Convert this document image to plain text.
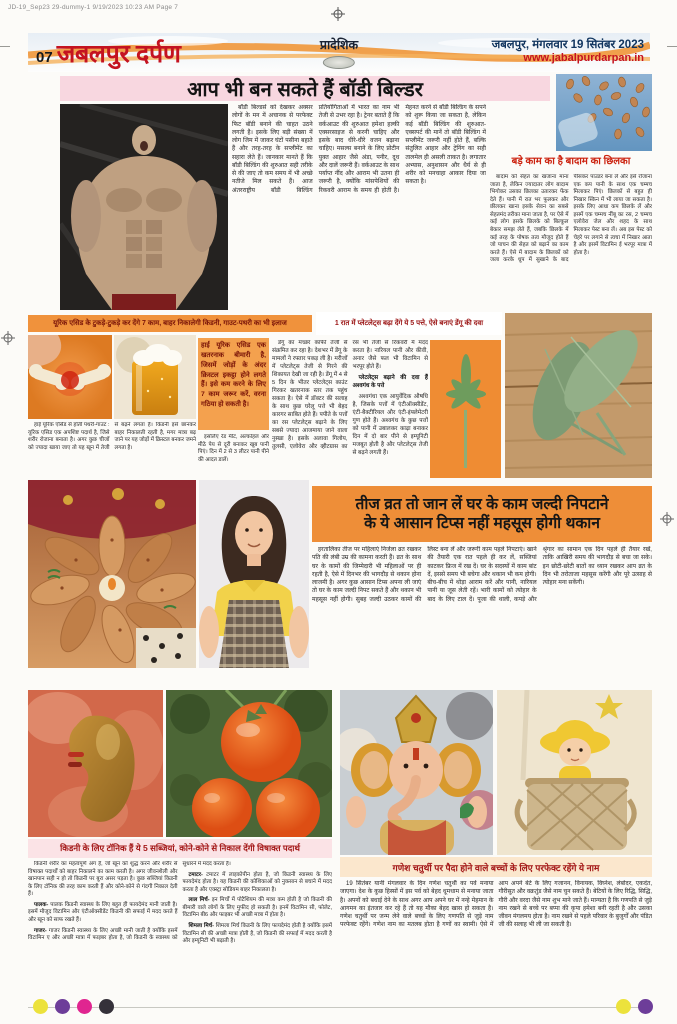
JD-19_Sep23 29-dummy-1 9/19/2023 10:23 AM Page 7
07 जबलपुर दर्पण	प्रादेशिक	जबलपुर, मंगलवार 19 सितंबर 2023
www.jabalpurdarpan.in
आप भी बन सकते हैं बॉडी बिल्डर

बॉडी बिल्डर्स को देखकर अक्सर लोगों के मन में अचानक से परफेक्ट फिट बॉडी बनाने की चाहत उठने लगती है। इसके लिए बड़ी संख्या में लोग जिम में जाकर घंटों पसीना बहाते हैं और तरह-तरह के सप्लीमेंट का सहारा लेते हैं। जानकार मानते हैं कि बॉडी बिल्डिंग की शुरुआत सही तरीके से की जाए तो कम समय में भी अच्छे नतीजे मिल सकते हैं। आज अंतरराष्ट्रीय बॉडी बिल्डिंग प्रतियोगिताओं में भारत का नाम भी तेजी से उभर रहा है। ट्रेनर बताते हैं कि वर्कआउट की शुरुआत हमेशा हल्की एक्सरसाइज से करनी चाहिए और इसके बाद धीरे-धीरे वजन बढ़ाना चाहिए। मसल्स बनाने के लिए प्रोटीन युक्त आहार जैसे अंडा, पनीर, दूध और दालें जरूरी हैं। वर्कआउट के साथ पर्याप्त नींद और आराम भी उतना ही जरूरी है, क्योंकि मांसपेशियों की रिकवरी आराम के समय ही होती है। मेहनत करने से बॉडी बिल्डिंग के सपने को शुरू किया जा सकता है, लेकिन कई बॉडी बिल्डिंग की शुरुआत-एक्सपर्ट की मानें तो बॉडी बिल्डिंग में सप्लीमेंट जरूरी नहीं होते हैं, बल्कि संतुलित आहार और ट्रेनिंग का सही तालमेल ही असली ताकत है। लगातार अभ्यास, अनुशासन और धैर्य से ही शरीर को मनचाहा आकार दिया जा सकता है।

बड़े काम का है बादाम का छिलका

बादाम को सेहत का खजाना माना जाता है, लेकिन ज्यादातर लोग बादाम भिगोकर उसका छिलका उतारकर फेंक देते हैं। पानी में रात भर फूलकर और छीलकर खाना इसके सेवन का सबसे सेहतमंद तरीका माना जाता है, पर ऐसे में कई लोग इसके छिलके को बिल्कुल बेकार समझ लेते हैं, जबकि छिलके में कई तरह के पोषक तत्व मौजूद होते हैं जो पाचन की सेहत को बढ़ाने का काम करते हैं। ऐसे में बादाम के छिलकों को जला करके धूप में सुखाने के बाद पीसकर पाउडर बना लें और इसे रोजाना एक कप पानी के साथ एक चम्मच मिलाकर पिएं। छिलकों से बहुत ही निखार स्किन में भी लाया जा सकता है। इसके लिए आधा कप छिलके लें और इसमें एक चम्मच नींबू का रस, 2 चम्मच एलोवेरा जेल और शहद के साथ मिलाकर पेस्ट बना लें। अब इस पेस्ट को चेहरे पर लगाने से त्वचा में निखार आता है और इसमें विटामिन ई भरपूर मात्रा में होता है।

यूरिक एसिड के टुकड़े-टुकड़े कर देंगे 7 काम, बाहर निकालेगी किडनी, गाउट-पथरी का भी इलाज
हाई यूरिक एसिड एक खतरनाक बीमारी है, जिसमें जोड़ों के अंदर क्रिस्टल इकट्ठा होने लगते हैं। इसे कम करने के लिए 7 काम जरूर करें, वरना गठिया हो सकती है।

हाई यूरिक एसिड से होती पथरी-गाउट : यूरिक एसिड एक अपशिष्ट पदार्थ है, जिसे शरीर रोजाना बनाता है। अगर कुछ चीजों को ज्यादा खाया जाए तो यह खून में तेजी से बढ़ने लगता है। किडनी इसे छानकर बाहर निकालती रहती है, मगर मात्रा बढ़ जाने पर यह जोड़ों में क्रिस्टल बनकर जमने लगता है।

इसलिए रेड मीट, अल्कोहल और मीठे पेय से दूरी बनाकर खूब पानी पिएं। दिन में 2 से 3 लीटर पानी पीने की आदत डालें।

1 रात में प्लेटलेट्स बढ़ा देंगे ये 5 पत्ते, ऐसे बनाएं डेंगू की दवा

डेंगू का मच्छर काफी तेजी से संक्रमित कर रहा है। देशभर में डेंगू के मामलों ने रफ्तार पकड़ ली है। मरीजों में प्लेटलेट्स तेजी से गिरने की शिकायत देखी जा रही है। डेंगू में 4 से 5 दिन के भीतर प्लेटलेट्स काउंट गिरकर खतरनाक स्तर तक पहुंच सकता है। ऐसे में डॉक्टर की सलाह के साथ कुछ घरेलू पत्ते भी बेहद कारगर साबित होते हैं। पपीते के पत्तों का रस प्लेटलेट्स बढ़ाने के लिए सबसे ज्यादा आजमाया जाने वाला नुस्खा है। इसके अलावा गिलोय, तुलसी, एलोवेरा और व्हीटग्रास का रस भी तेजी से रिकवरी में मदद करता है। नारियल पानी और कीवी, अनार जैसे फल भी विटामिन से भरपूर होते हैं।

प्लेटलेट्स बढ़ाने की दवा हैं अश्वगंध के पत्ते

अश्वगंधा एक आयुर्वेदिक औषधि है, जिसके पत्तों में एंटीऑक्सीडेंट, एंटी-बैक्टीरियल और एंटी-इंफ्लेमेटरी गुण होते हैं। अश्वगंध के कुछ पत्तों को पानी में उबालकर काढ़ा बनाकर दिन में दो बार पीने से इम्यूनिटी मजबूत होती है और प्लेटलेट्स तेजी से बढ़ने लगती हैं।

तीज व्रत तो जान लें घर के काम जल्दी निपटाने
के ये आसान टिप्स नहीं महसूस होगी थकान

हरतालिका तीज पर महिलाएं निर्जला व्रत रखकर पति की लंबी उम्र की कामना करती हैं। व्रत के साथ घर के कामों की जिम्मेदारी भी महिलाओं पर ही रहती है, ऐसे में दिनभर की भागदौड़ से थकान होना लाजमी है। अगर कुछ आसान टिप्स अपना ली जाएं तो घर के काम जल्दी निपट सकते हैं और थकान भी महसूस नहीं होगी। सुबह जल्दी उठकर कामों की लिस्ट बना लें और जरूरी काम पहले निपटाएं। खाने की तैयारी एक रात पहले ही कर लें, सब्जियां काटकर फ्रिज में रख दें। घर के सदस्यों में काम बांट दें, इससे समय भी बचेगा और थकान भी कम होगी। बीच-बीच में थोड़ा आराम करें और पानी, नारियल पानी या जूस लेती रहें। भारी कामों को त्योहार के बाद के लिए टाल दें। पूजा की थाली, कपड़े और श्रृंगार का सामान एक दिन पहले ही तैयार रखें, ताकि आखिरी समय की भागदौड़ से बचा जा सके। इन छोटी-छोटी बातों का ध्यान रखकर आप व्रत के दिन भी तरोताजा महसूस करेंगी और पूरे उत्साह से त्योहार मना सकेंगी।

किडनी के लिए टॉनिक हैं ये 5 सब्जियां, कोने-कोने से निकाल देंगी विषाक्त पदार्थ

किडनी शरीर का महत्वपूर्ण अंग है, जो खून को शुद्ध करने और शरीर से विषाक्त पदार्थों को बाहर निकालने का काम करती है। अगर जीवनशैली और खानपान सही न हो तो किडनी पर बुरा असर पड़ता है। कुछ सब्जियां किडनी के लिए टॉनिक की तरह काम करती हैं और कोने-कोने से गंदगी निकाल देती हैं।

पालक- पालक किडनी स्वास्थ्य के लिए बहुत ही फायदेमंद मानी जाती है। इसमें मौजूद विटामिन और एंटीऑक्सीडेंट किडनी की सफाई में मदद करते हैं और खून को साफ रखते हैं।

गाजर- गाजर किडनी स्वास्थ्य के लिए अच्छी मानी जाती है क्योंकि इसमें विटामिन ए और अच्छी मात्रा में फाइबर होता है, जो किडनी के स्वास्थ्य को सुधारने में मदद करता है।

टमाटर- टमाटर में लाइकोपीन होता है, जो किडनी स्वास्थ्य के लिए फायदेमंद होता है। यह किडनी की कोशिकाओं को नुकसान से बचाने में मदद करता है और एक्स्ट्रा सोडियम बाहर निकालता है।

लाल मिर्च- इन मिर्चों में पोटैशियम की मात्रा कम होती है जो किडनी की बीमारी वाले लोगों के लिए मुफीद हो सकती है। इनमें विटामिन सी, फोलेट, विटामिन बी6 और फाइबर भी अच्छी मात्रा में होता है।

शिमला मिर्च- शिमला मिर्च किडनी के लिए फायदेमंद होती है क्योंकि इसमें विटामिन सी की अच्छी मात्रा होती है, जो किडनी की सफाई में मदद करती है और इम्यूनिटी भी बढ़ाती है।

गणेश चतुर्थी पर पैदा होने वाले बच्चों के लिए परफेक्ट रहेंगे ये नाम

19 सितंबर यानी मंगलवार के दिन गणेश चतुर्थी का पर्व मनाया जाएगा। देश के कुछ हिस्सों में इस पर्व को बेहद धूमधाम से मनाया जाता है। अपनों को बधाई देने के साथ अगर आप अपने घर में नन्हे मेहमान के आगमन का इंतजार कर रहे हैं तो यह मौका बेहद खास हो सकता है। गणेश चतुर्थी पर जन्म लेने वाले बच्चों के लिए गणपति से जुड़े नाम परफेक्ट रहेंगे। गणेश नाम का मतलब होता है गणों का स्वामी। ऐसे में आप अपने बेटे के लिए गजानन, विनायक, विघ्नेश, लंबोदर, एकदंत, गौरीसुत और वक्रतुंड जैसे नाम चुन सकते हैं। बेटियों के लिए रिद्धि, सिद्धि, गौरी और वरदा जैसे नाम शुभ माने जाते हैं। मान्यता है कि गणपति से जुड़े नाम रखने से बच्चे पर बप्पा की कृपा हमेशा बनी रहती है और उसका जीवन मंगलमय होता है। नाम रखने से पहले परिवार के बुजुर्गों और पंडित जी की सलाह भी ली जा सकती है।
